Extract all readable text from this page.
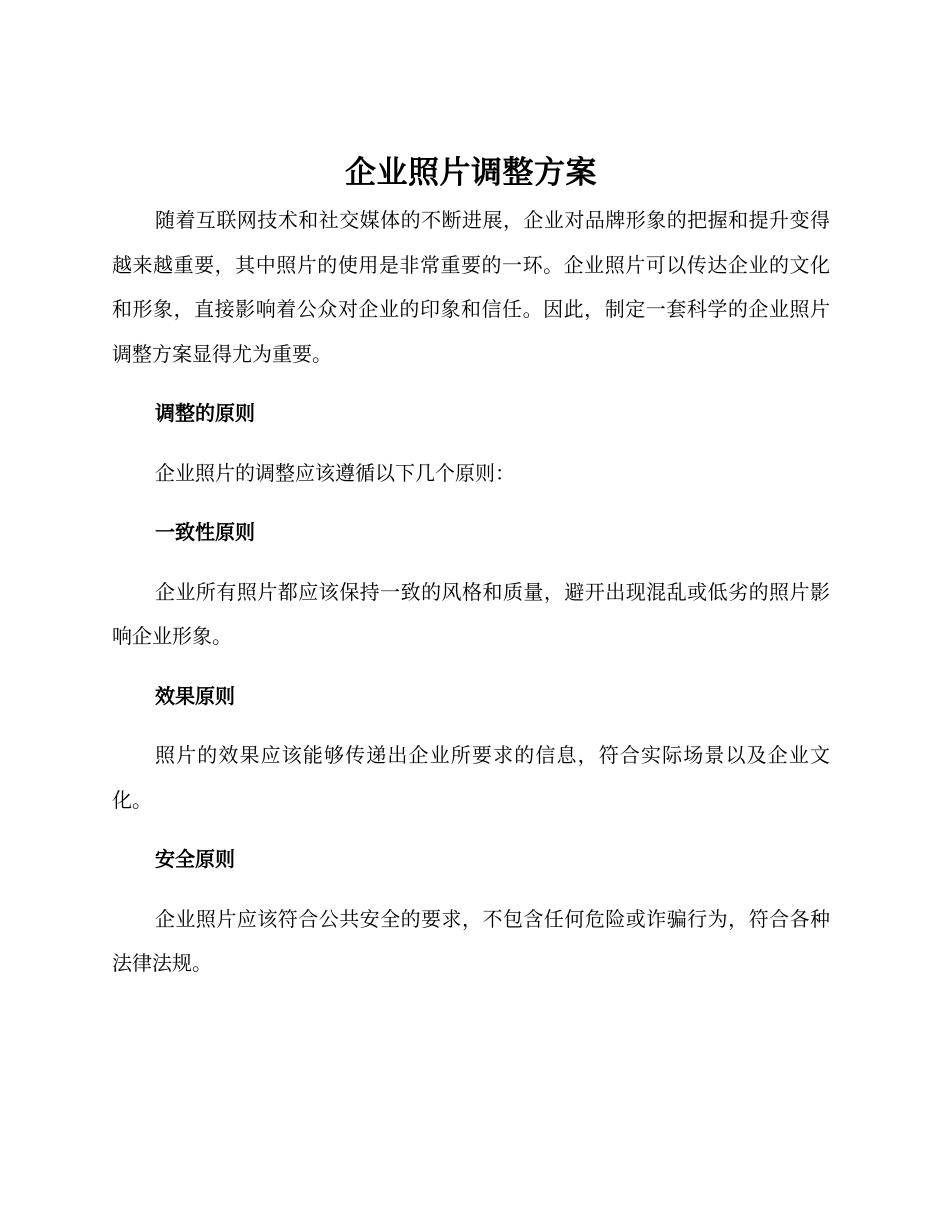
企业照片调整方案

随着互联网技术和社交媒体的不断进展，企业对品牌形象的把握和提升变得越来越重要，其中照片的使用是非常重要的一环。企业照片可以传达企业的文化和形象，直接影响着公众对企业的印象和信任。因此，制定一套科学的企业照片调整方案显得尤为重要。

调整的原则

企业照片的调整应该遵循以下几个原则：

一致性原则

企业所有照片都应该保持一致的风格和质量，避开出现混乱或低劣的照片影响企业形象。

效果原则

照片的效果应该能够传递出企业所要求的信息，符合实际场景以及企业文化。

安全原则

企业照片应该符合公共安全的要求，不包含任何危险或诈骗行为，符合各种法律法规。
